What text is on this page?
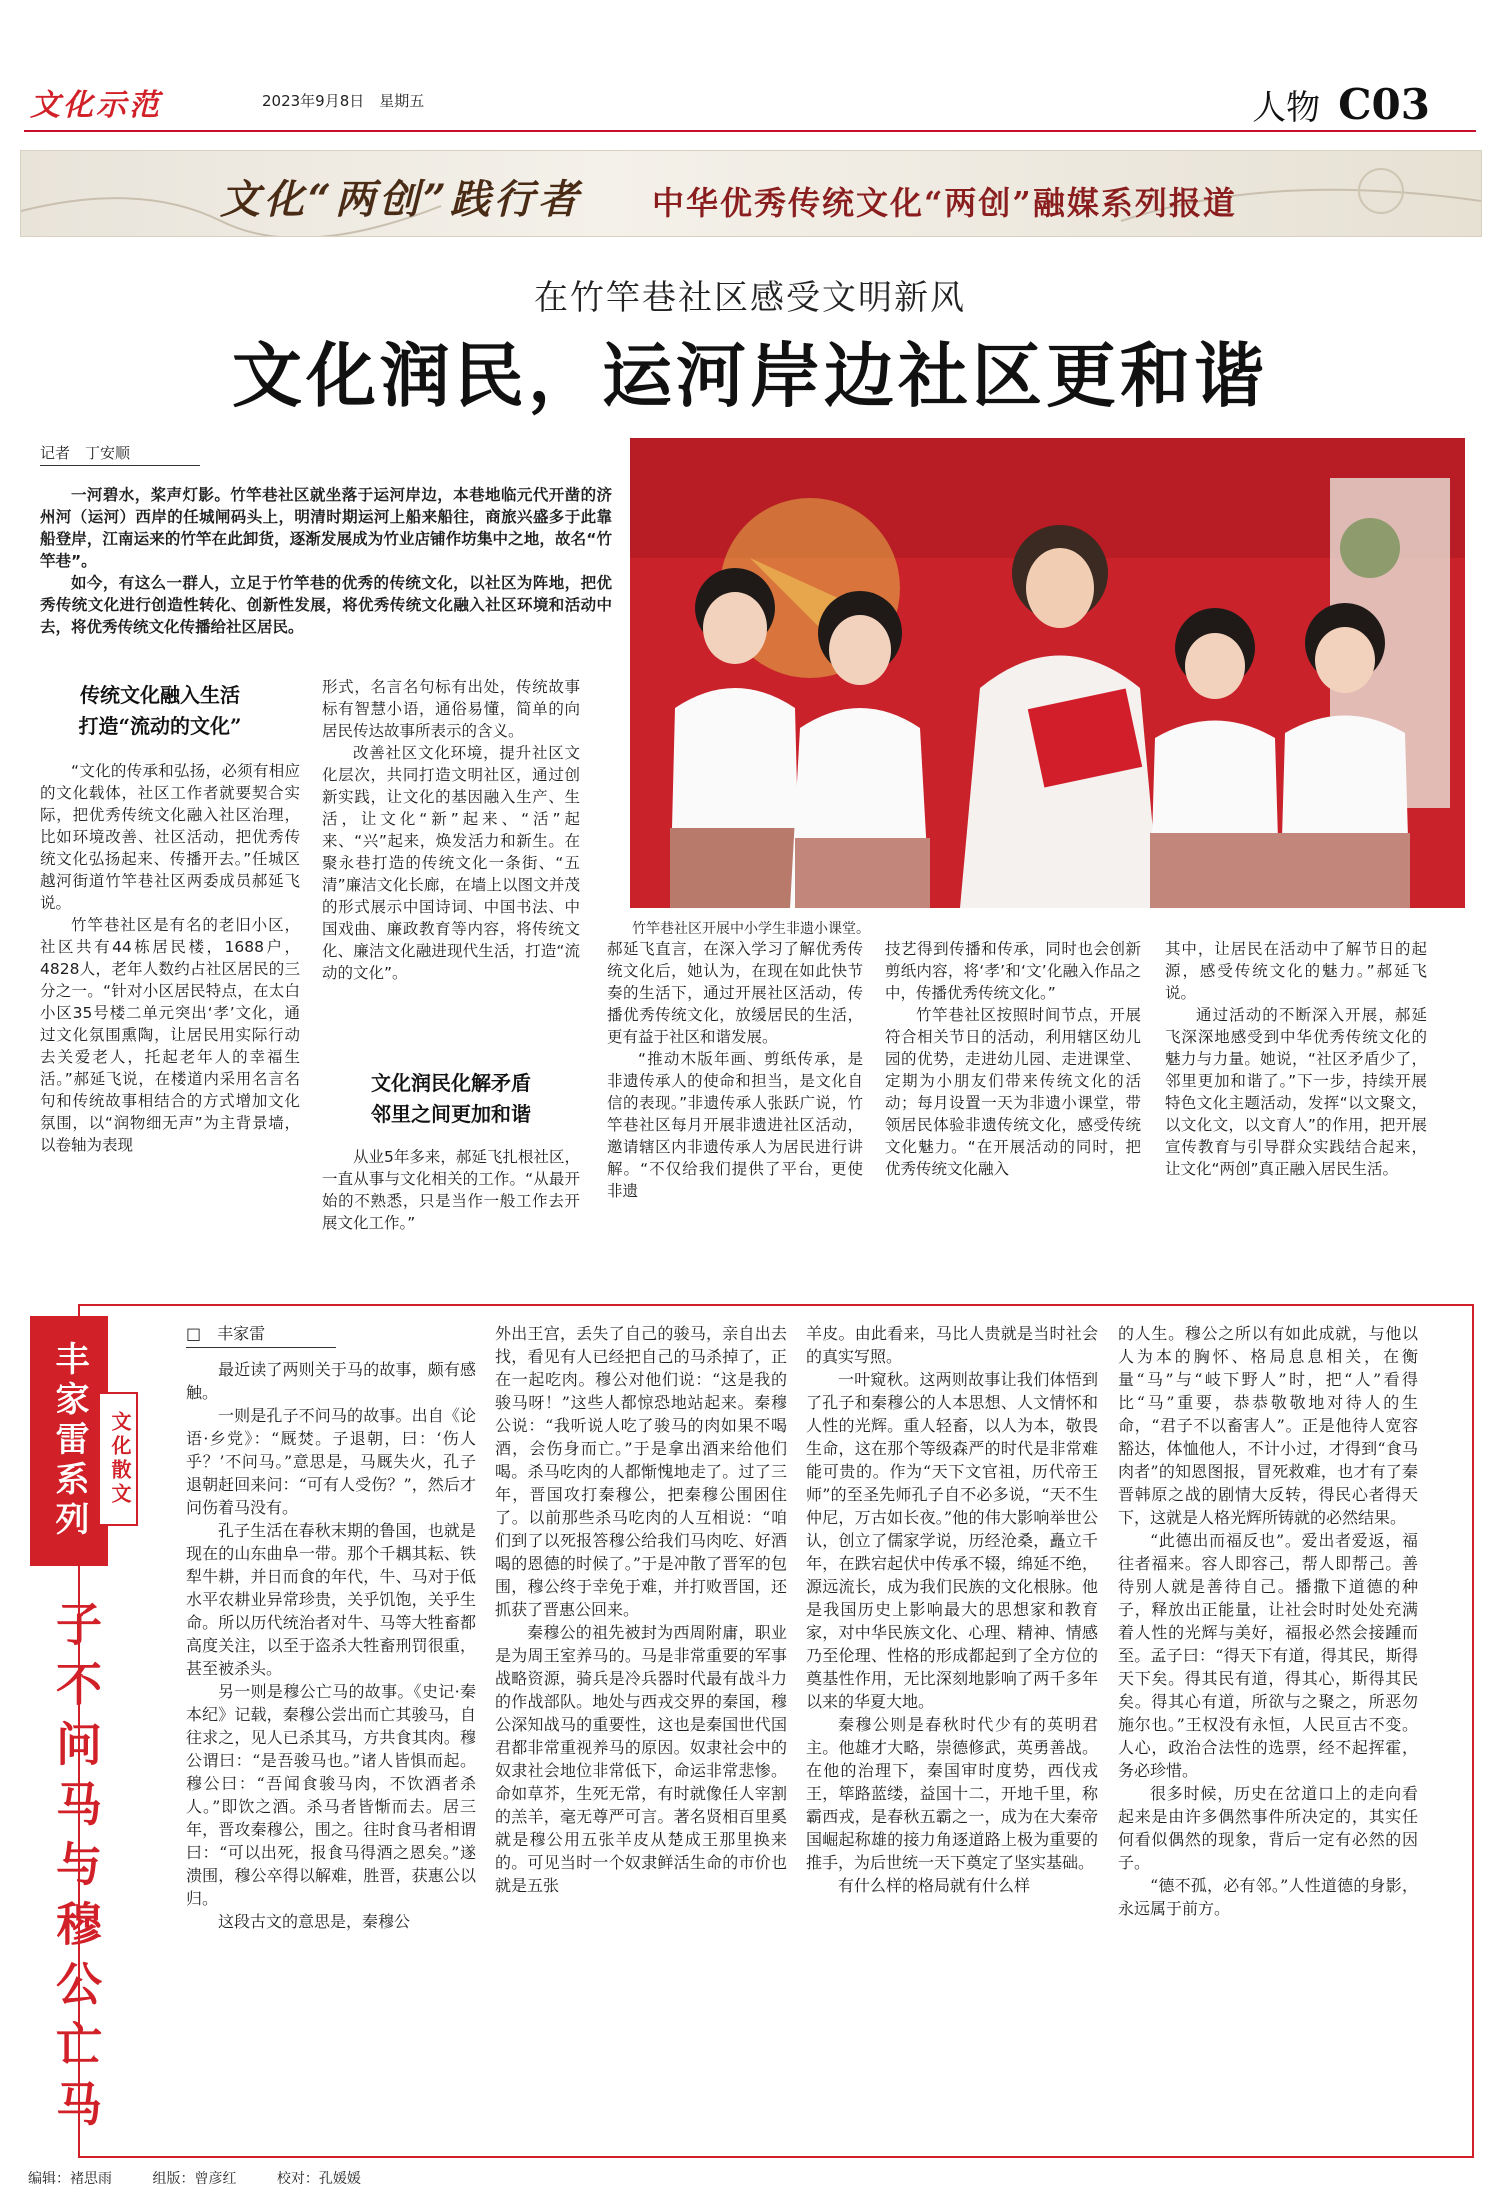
文化示范	2023年9月8日　星期五	人物 C03
文化“两创”践行者 中华优秀传统文化“两创”融媒系列报道
在竹竿巷社区感受文明新风
文化润民，运河岸边社区更和谐
记者　丁安顺

一河碧水，桨声灯影。竹竿巷社区就坐落于运河岸边，本巷地临元代开凿的济州河（运河）西岸的任城闸码头上，明清时期运河上船来船往，商旅兴盛多于此靠船登岸，江南运来的竹竿在此卸货，逐渐发展成为竹业店铺作坊集中之地，故名“竹竿巷”。

如今，有这么一群人，立足于竹竿巷的优秀的传统文化，以社区为阵地，把优秀传统文化进行创造性转化、创新性发展，将优秀传统文化融入社区环境和活动中去，将优秀传统文化传播给社区居民。

竹竿巷社区开展中小学生非遗小课堂。
传统文化融入生活
打造“流动的文化”

“文化的传承和弘扬，必须有相应的文化载体，社区工作者就要契合实际，把优秀传统文化融入社区治理，比如环境改善、社区活动，把优秀传统文化弘扬起来、传播开去。”任城区越河街道竹竿巷社区两委成员郝延飞说。

竹竿巷社区是有名的老旧小区，社区共有44栋居民楼，1688户，4828人，老年人数约占社区居民的三分之一。“针对小区居民特点，在太白小区35号楼二单元突出‘孝’文化，通过文化氛围熏陶，让居民用实际行动去关爱老人，托起老年人的幸福生活。”郝延飞说，在楼道内采用名言名句和传统故事相结合的方式增加文化氛围，以“润物细无声”为主背景墙，以卷轴为表现

形式，名言名句标有出处，传统故事标有智慧小语，通俗易懂，简单的向居民传达故事所表示的含义。

改善社区文化环境，提升社区文化层次，共同打造文明社区，通过创新实践，让文化的基因融入生产、生活，让文化“新”起来、“活”起来、“兴”起来，焕发活力和新生。在聚永巷打造的传统文化一条街、“五清”廉洁文化长廊，在墙上以图文并茂的形式展示中国诗词、中国书法、中国戏曲、廉政教育等内容，将传统文化、廉洁文化融进现代生活，打造“流动的文化”。

文化润民化解矛盾
邻里之间更加和谐

从业5年多来，郝延飞扎根社区，一直从事与文化相关的工作。“从最开始的不熟悉，只是当作一般工作去开展文化工作。”

郝延飞直言，在深入学习了解优秀传统文化后，她认为，在现在如此快节奏的生活下，通过开展社区活动，传播优秀传统文化，放缓居民的生活，更有益于社区和谐发展。

“推动木版年画、剪纸传承，是非遗传承人的使命和担当，是文化自信的表现。”非遗传承人张跃广说，竹竿巷社区每月开展非遗进社区活动，邀请辖区内非遗传承人为居民进行讲解。“不仅给我们提供了平台，更使非遗

技艺得到传播和传承，同时也会创新剪纸内容，将‘孝’和‘文’化融入作品之中，传播优秀传统文化。”

竹竿巷社区按照时间节点，开展符合相关节日的活动，利用辖区幼儿园的优势，走进幼儿园、走进课堂、定期为小朋友们带来传统文化的活动；每月设置一天为非遗小课堂，带领居民体验非遗传统文化，感受传统文化魅力。“在开展活动的同时，把优秀传统文化融入

其中，让居民在活动中了解节日的起源，感受传统文化的魅力。”郝延飞说。

通过活动的不断深入开展，郝延飞深深地感受到中华优秀传统文化的魅力与力量。她说，“社区矛盾少了，邻里更加和谐了。”下一步，持续开展特色文化主题活动，发挥“以文聚文，以文化文，以文育人”的作用，把开展宣传教育与引导群众实践结合起来，让文化“两创”真正融入居民生活。

丰家雷系列 文化散文
子不问马与穆公亡马
□　丰家雷

最近读了两则关于马的故事，颇有感触。

一则是孔子不问马的故事。出自《论语·乡党》：“厩焚。子退朝，曰：‘伤人乎？’不问马。”意思是，马厩失火，孔子退朝赶回来问：“可有人受伤？”，然后才问伤着马没有。

孔子生活在春秋末期的鲁国，也就是现在的山东曲阜一带。那个千耦其耘、铁犁牛耕，并日而食的年代，牛、马对于低水平农耕业异常珍贵，关乎饥饱，关乎生命。所以历代统治者对牛、马等大牲畜都高度关注，以至于盗杀大牲畜刑罚很重，甚至被杀头。

另一则是穆公亡马的故事。《史记·秦本纪》记载，秦穆公尝出而亡其骏马，自往求之，见人已杀其马，方共食其肉。穆公谓曰：“是吾骏马也。”诸人皆惧而起。穆公曰：“吾闻食骏马肉，不饮酒者杀人。”即饮之酒。杀马者皆惭而去。居三年，晋攻秦穆公，围之。往时食马者相谓曰：“可以出死，报食马得酒之恩矣。”遂溃围，穆公卒得以解难，胜晋，获惠公以归。

这段古文的意思是，秦穆公

外出王宫，丢失了自己的骏马，亲自出去找，看见有人已经把自己的马杀掉了，正在一起吃肉。穆公对他们说：“这是我的骏马呀！”这些人都惊恐地站起来。秦穆公说：“我听说人吃了骏马的肉如果不喝酒，会伤身而亡。”于是拿出酒来给他们喝。杀马吃肉的人都惭愧地走了。过了三年，晋国攻打秦穆公，把秦穆公围困住了。以前那些杀马吃肉的人互相说：“咱们到了以死报答穆公给我们马肉吃、好酒喝的恩德的时候了。”于是冲散了晋军的包围，穆公终于幸免于难，并打败晋国，还抓获了晋惠公回来。

秦穆公的祖先被封为西周附庸，职业是为周王室养马的。马是非常重要的军事战略资源，骑兵是冷兵器时代最有战斗力的作战部队。地处与西戎交界的秦国，穆公深知战马的重要性，这也是秦国世代国君都非常重视养马的原因。奴隶社会中的奴隶社会地位非常低下，命运非常悲惨。命如草芥，生死无常，有时就像任人宰割的羔羊，毫无尊严可言。著名贤相百里奚就是穆公用五张羊皮从楚成王那里换来的。可见当时一个奴隶鲜活生命的市价也就是五张

羊皮。由此看来，马比人贵就是当时社会的真实写照。

一叶窥秋。这两则故事让我们体悟到了孔子和秦穆公的人本思想、人文情怀和人性的光辉。重人轻畜，以人为本，敬畏生命，这在那个等级森严的时代是非常难能可贵的。作为“天下文官祖，历代帝王师”的至圣先师孔子自不必多说，“天不生仲尼，万古如长夜。”他的伟大影响举世公认，创立了儒家学说，历经沧桑，矗立千年，在跌宕起伏中传承不辍，绵延不绝，源远流长，成为我们民族的文化根脉。他是我国历史上影响最大的思想家和教育家，对中华民族文化、心理、精神、情感乃至伦理、性格的形成都起到了全方位的奠基性作用，无比深刻地影响了两千多年以来的华夏大地。

秦穆公则是春秋时代少有的英明君主。他雄才大略，崇德修武，英勇善战。在他的治理下，秦国审时度势，西伐戎王，筚路蓝缕，益国十二，开地千里，称霸西戎，是春秋五霸之一，成为在大秦帝国崛起称雄的接力角逐道路上极为重要的推手，为后世统一天下奠定了坚实基础。

有什么样的格局就有什么样

的人生。穆公之所以有如此成就，与他以人为本的胸怀、格局息息相关，在衡量“马”与“岐下野人”时，把“人”看得比“马”重要，恭恭敬敬地对待人的生命，“君子不以畜害人”。正是他待人宽容豁达，体恤他人，不计小过，才得到“食马肉者”的知恩图报，冒死救难，也才有了秦晋韩原之战的剧情大反转，得民心者得天下，这就是人格光辉所铸就的必然结果。

“此德出而福反也”。爱出者爱返，福往者福来。容人即容己，帮人即帮己。善待别人就是善待自己。播撒下道德的种子，释放出正能量，让社会时时处处充满着人性的光辉与美好，福报必然会接踵而至。孟子曰：“得天下有道，得其民，斯得天下矣。得其民有道，得其心，斯得其民矣。得其心有道，所欲与之聚之，所恶勿施尔也。”王权没有永恒，人民亘古不变。人心，政治合法性的选票，经不起挥霍，务必珍惜。

很多时候，历史在岔道口上的走向看起来是由许多偶然事件所决定的，其实任何看似偶然的现象，背后一定有必然的因子。

“德不孤，必有邻。”人性道德的身影，永远属于前方。

编辑：褚思雨	组版：曾彦红	校对：孔媛媛
